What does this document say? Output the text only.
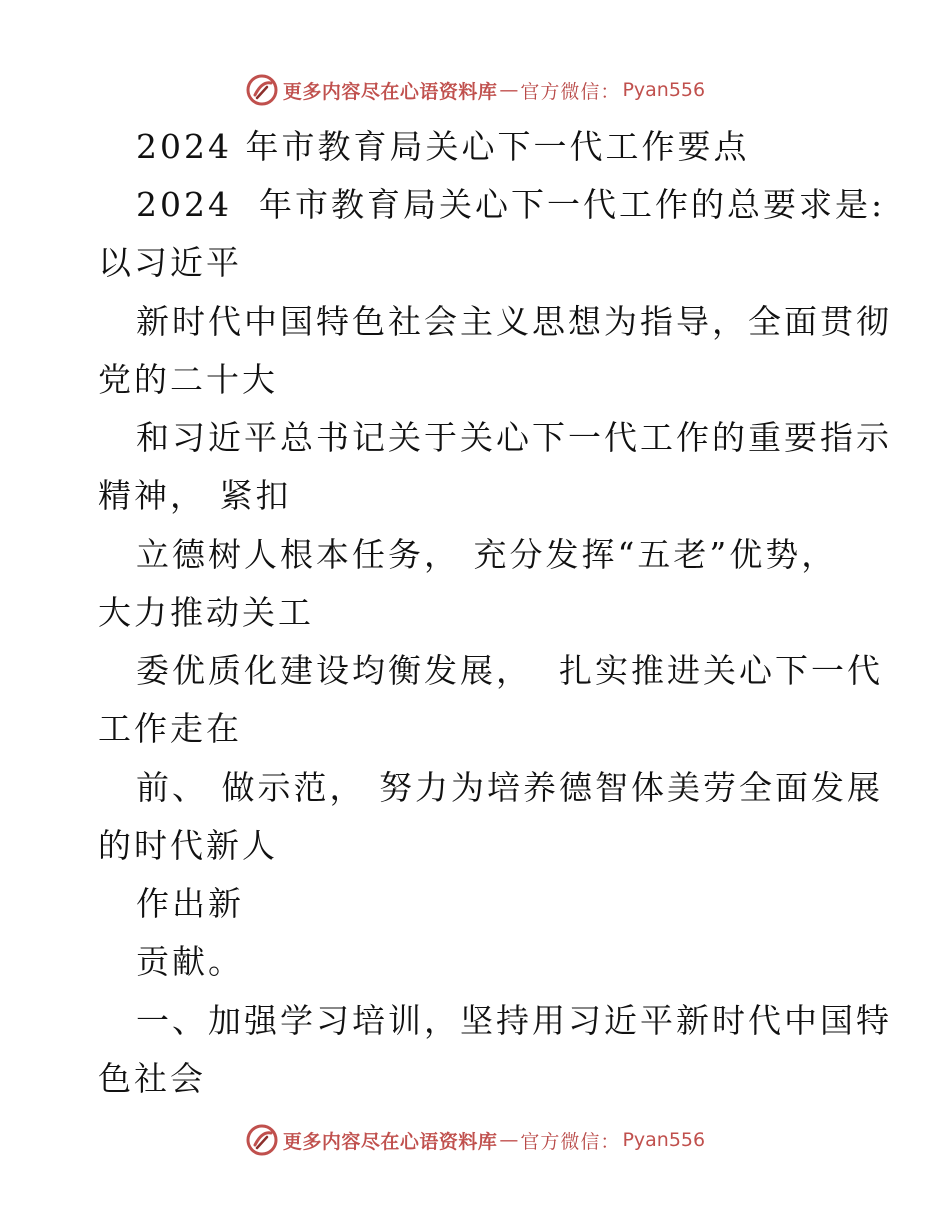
更多内容尽在心语资料库 — 官方微信： Pyan556
2024 年市教育局关心下一代工作要点
2024  年市教育局关心下一代工作的总要求是:
以习近平
新时代中国特色社会主义思想为指导，全面贯彻
党的二十大
和习近平总书记关于关心下一代工作的重要指示
精神， 紧扣
立德树人根本任务， 充分发挥“五老”优势，
大力推动关工
委优质化建设均衡发展，  扎实推进关心下一代
工作走在
前、 做示范， 努力为培养德智体美劳全面发展
的时代新人
作出新
贡献。
一、加强学习培训，坚持用习近平新时代中国特
色社会
更多内容尽在心语资料库 — 官方微信： Pyan556
